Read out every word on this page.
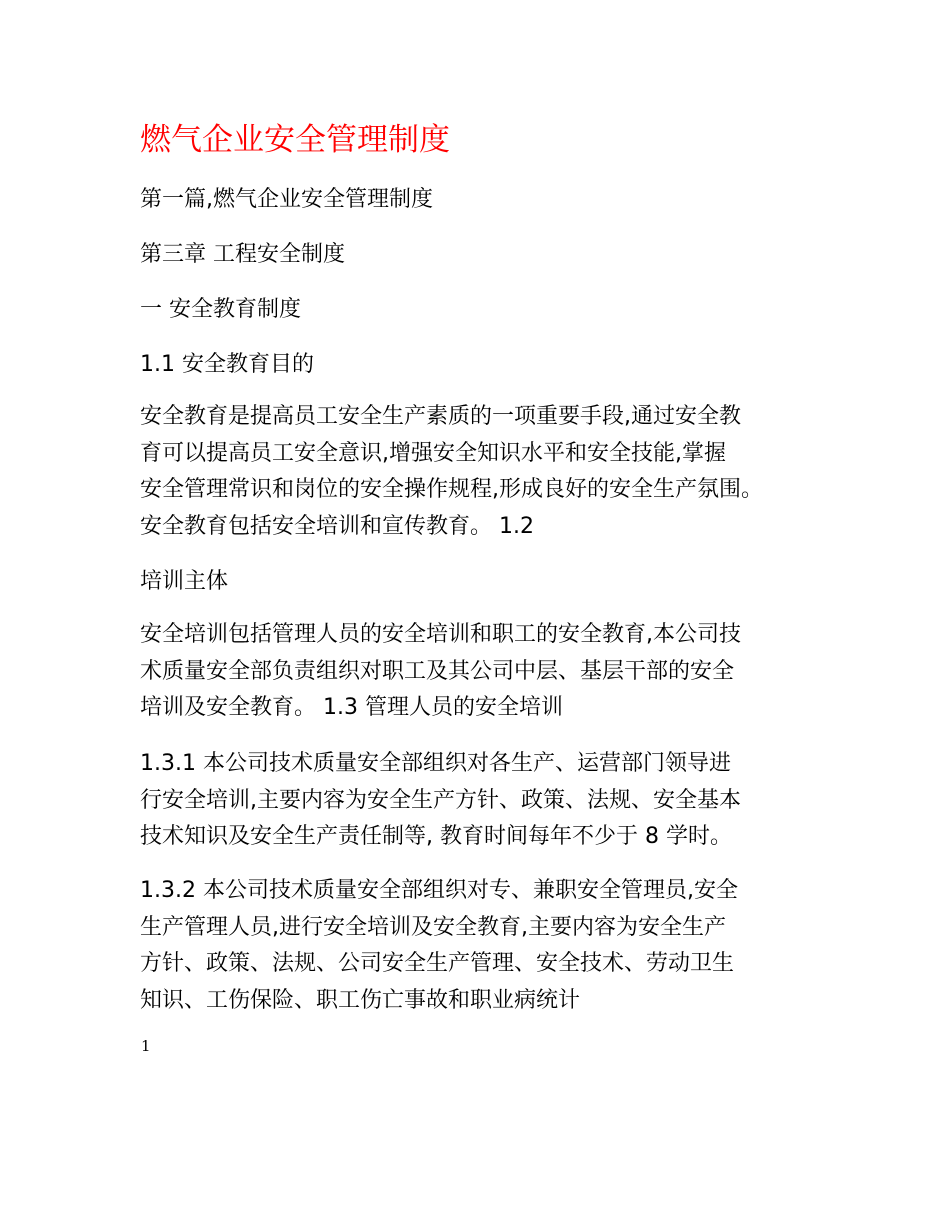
燃气企业安全管理制度
第一篇,燃气企业安全管理制度
第三章 工程安全制度
一 安全教育制度
1.1 安全教育目的
安全教育是提高员工安全生产素质的一项重要手段,通过安全教
育可以提高员工安全意识,增强安全知识水平和安全技能,掌握
安全管理常识和岗位的安全操作规程,形成良好的安全生产氛围。
安全教育包括安全培训和宣传教育。 1.2
培训主体
安全培训包括管理人员的安全培训和职工的安全教育,本公司技
术质量安全部负责组织对职工及其公司中层、基层干部的安全
培训及安全教育。 1.3 管理人员的安全培训
1.3.1 本公司技术质量安全部组织对各生产、运营部门领导进
行安全培训,主要内容为安全生产方针、政策、法规、安全基本
技术知识及安全生产责任制等, 教育时间每年不少于 8 学时。
1.3.2 本公司技术质量安全部组织对专、兼职安全管理员,安全
生产管理人员,进行安全培训及安全教育,主要内容为安全生产
方针、政策、法规、公司安全生产管理、安全技术、劳动卫生
知识、工伤保险、职工伤亡事故和职业病统计
1
